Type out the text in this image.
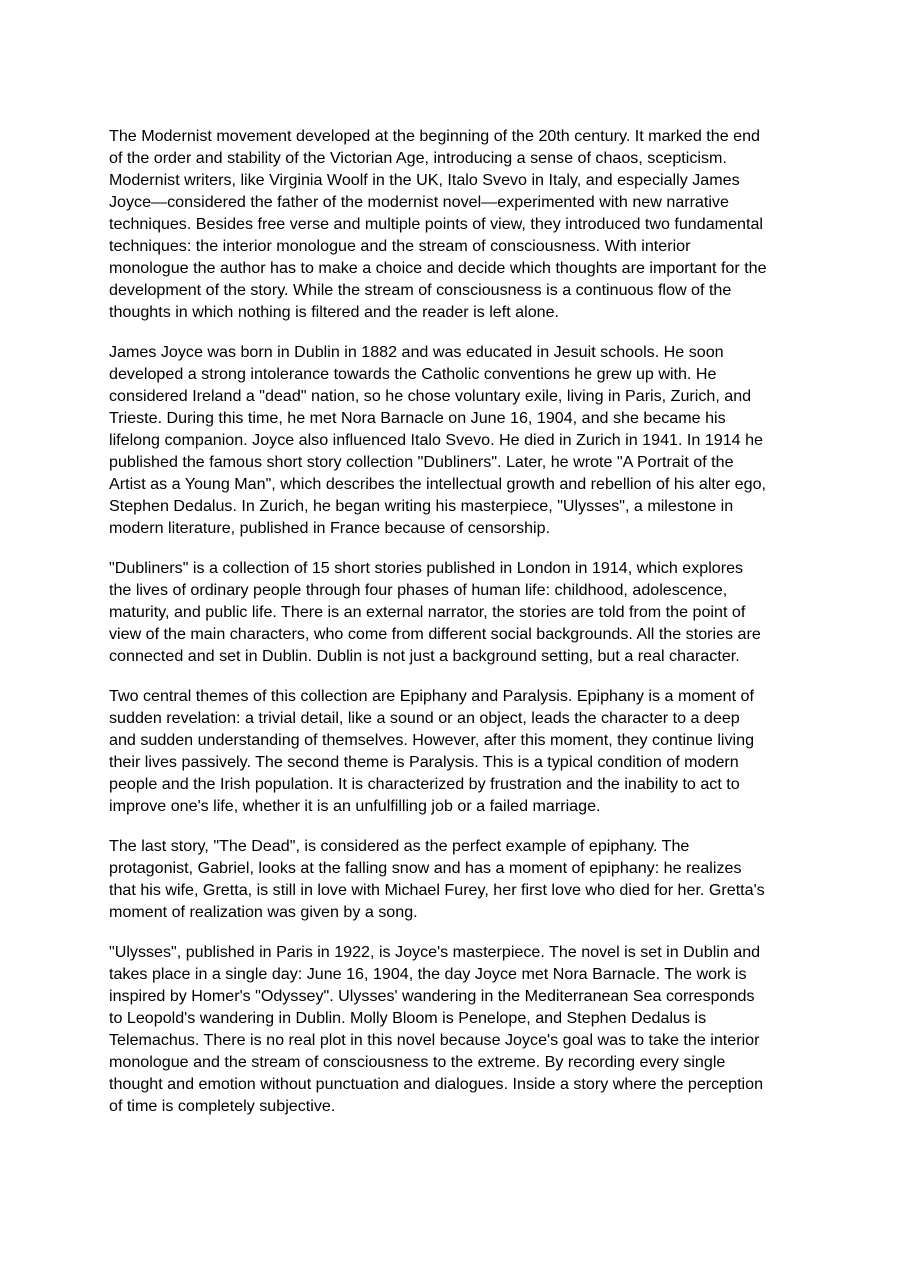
The Modernist movement developed at the beginning of the 20th century. It marked the end
of the order and stability of the Victorian Age, introducing a sense of chaos, scepticism.
Modernist writers, like Virginia Woolf in the UK, Italo Svevo in Italy, and especially James
Joyce—considered the father of the modernist novel—experimented with new narrative
techniques. Besides free verse and multiple points of view, they introduced two fundamental
techniques: the interior monologue and the stream of consciousness. With interior
monologue the author has to make a choice and decide which thoughts are important for the
development of the story. While the stream of consciousness is a continuous flow of the
thoughts in which nothing is filtered and the reader is left alone.

James Joyce was born in Dublin in 1882 and was educated in Jesuit schools. He soon
developed a strong intolerance towards the Catholic conventions he grew up with. He
considered Ireland a "dead" nation, so he chose voluntary exile, living in Paris, Zurich, and
Trieste. During this time, he met Nora Barnacle on June 16, 1904, and she became his
lifelong companion. Joyce also influenced Italo Svevo. He died in Zurich in 1941. In 1914 he
published the famous short story collection "Dubliners". Later, he wrote "A Portrait of the
Artist as a Young Man", which describes the intellectual growth and rebellion of his alter ego,
Stephen Dedalus. In Zurich, he began writing his masterpiece, "Ulysses", a milestone in
modern literature, published in France because of censorship.

"Dubliners" is a collection of 15 short stories published in London in 1914, which explores
the lives of ordinary people through four phases of human life: childhood, adolescence,
maturity, and public life. There is an external narrator, the stories are told from the point of
view of the main characters, who come from different social backgrounds. All the stories are
connected and set in Dublin. Dublin is not just a background setting, but a real character.

Two central themes of this collection are Epiphany and Paralysis. Epiphany is a moment of
sudden revelation: a trivial detail, like a sound or an object, leads the character to a deep
and sudden understanding of themselves. However, after this moment, they continue living
their lives passively. The second theme is Paralysis. This is a typical condition of modern
people and the Irish population. It is characterized by frustration and the inability to act to
improve one's life, whether it is an unfulfilling job or a failed marriage.

The last story, "The Dead", is considered as the perfect example of epiphany. The
protagonist, Gabriel, looks at the falling snow and has a moment of epiphany: he realizes
that his wife, Gretta, is still in love with Michael Furey, her first love who died for her. Gretta's
moment of realization was given by a song.

"Ulysses", published in Paris in 1922, is Joyce's masterpiece. The novel is set in Dublin and
takes place in a single day: June 16, 1904, the day Joyce met Nora Barnacle. The work is
inspired by Homer's "Odyssey". Ulysses' wandering in the Mediterranean Sea corresponds
to Leopold's wandering in Dublin. Molly Bloom is Penelope, and Stephen Dedalus is
Telemachus. There is no real plot in this novel because Joyce's goal was to take the interior
monologue and the stream of consciousness to the extreme. By recording every single
thought and emotion without punctuation and dialogues. Inside a story where the perception
of time is completely subjective.
